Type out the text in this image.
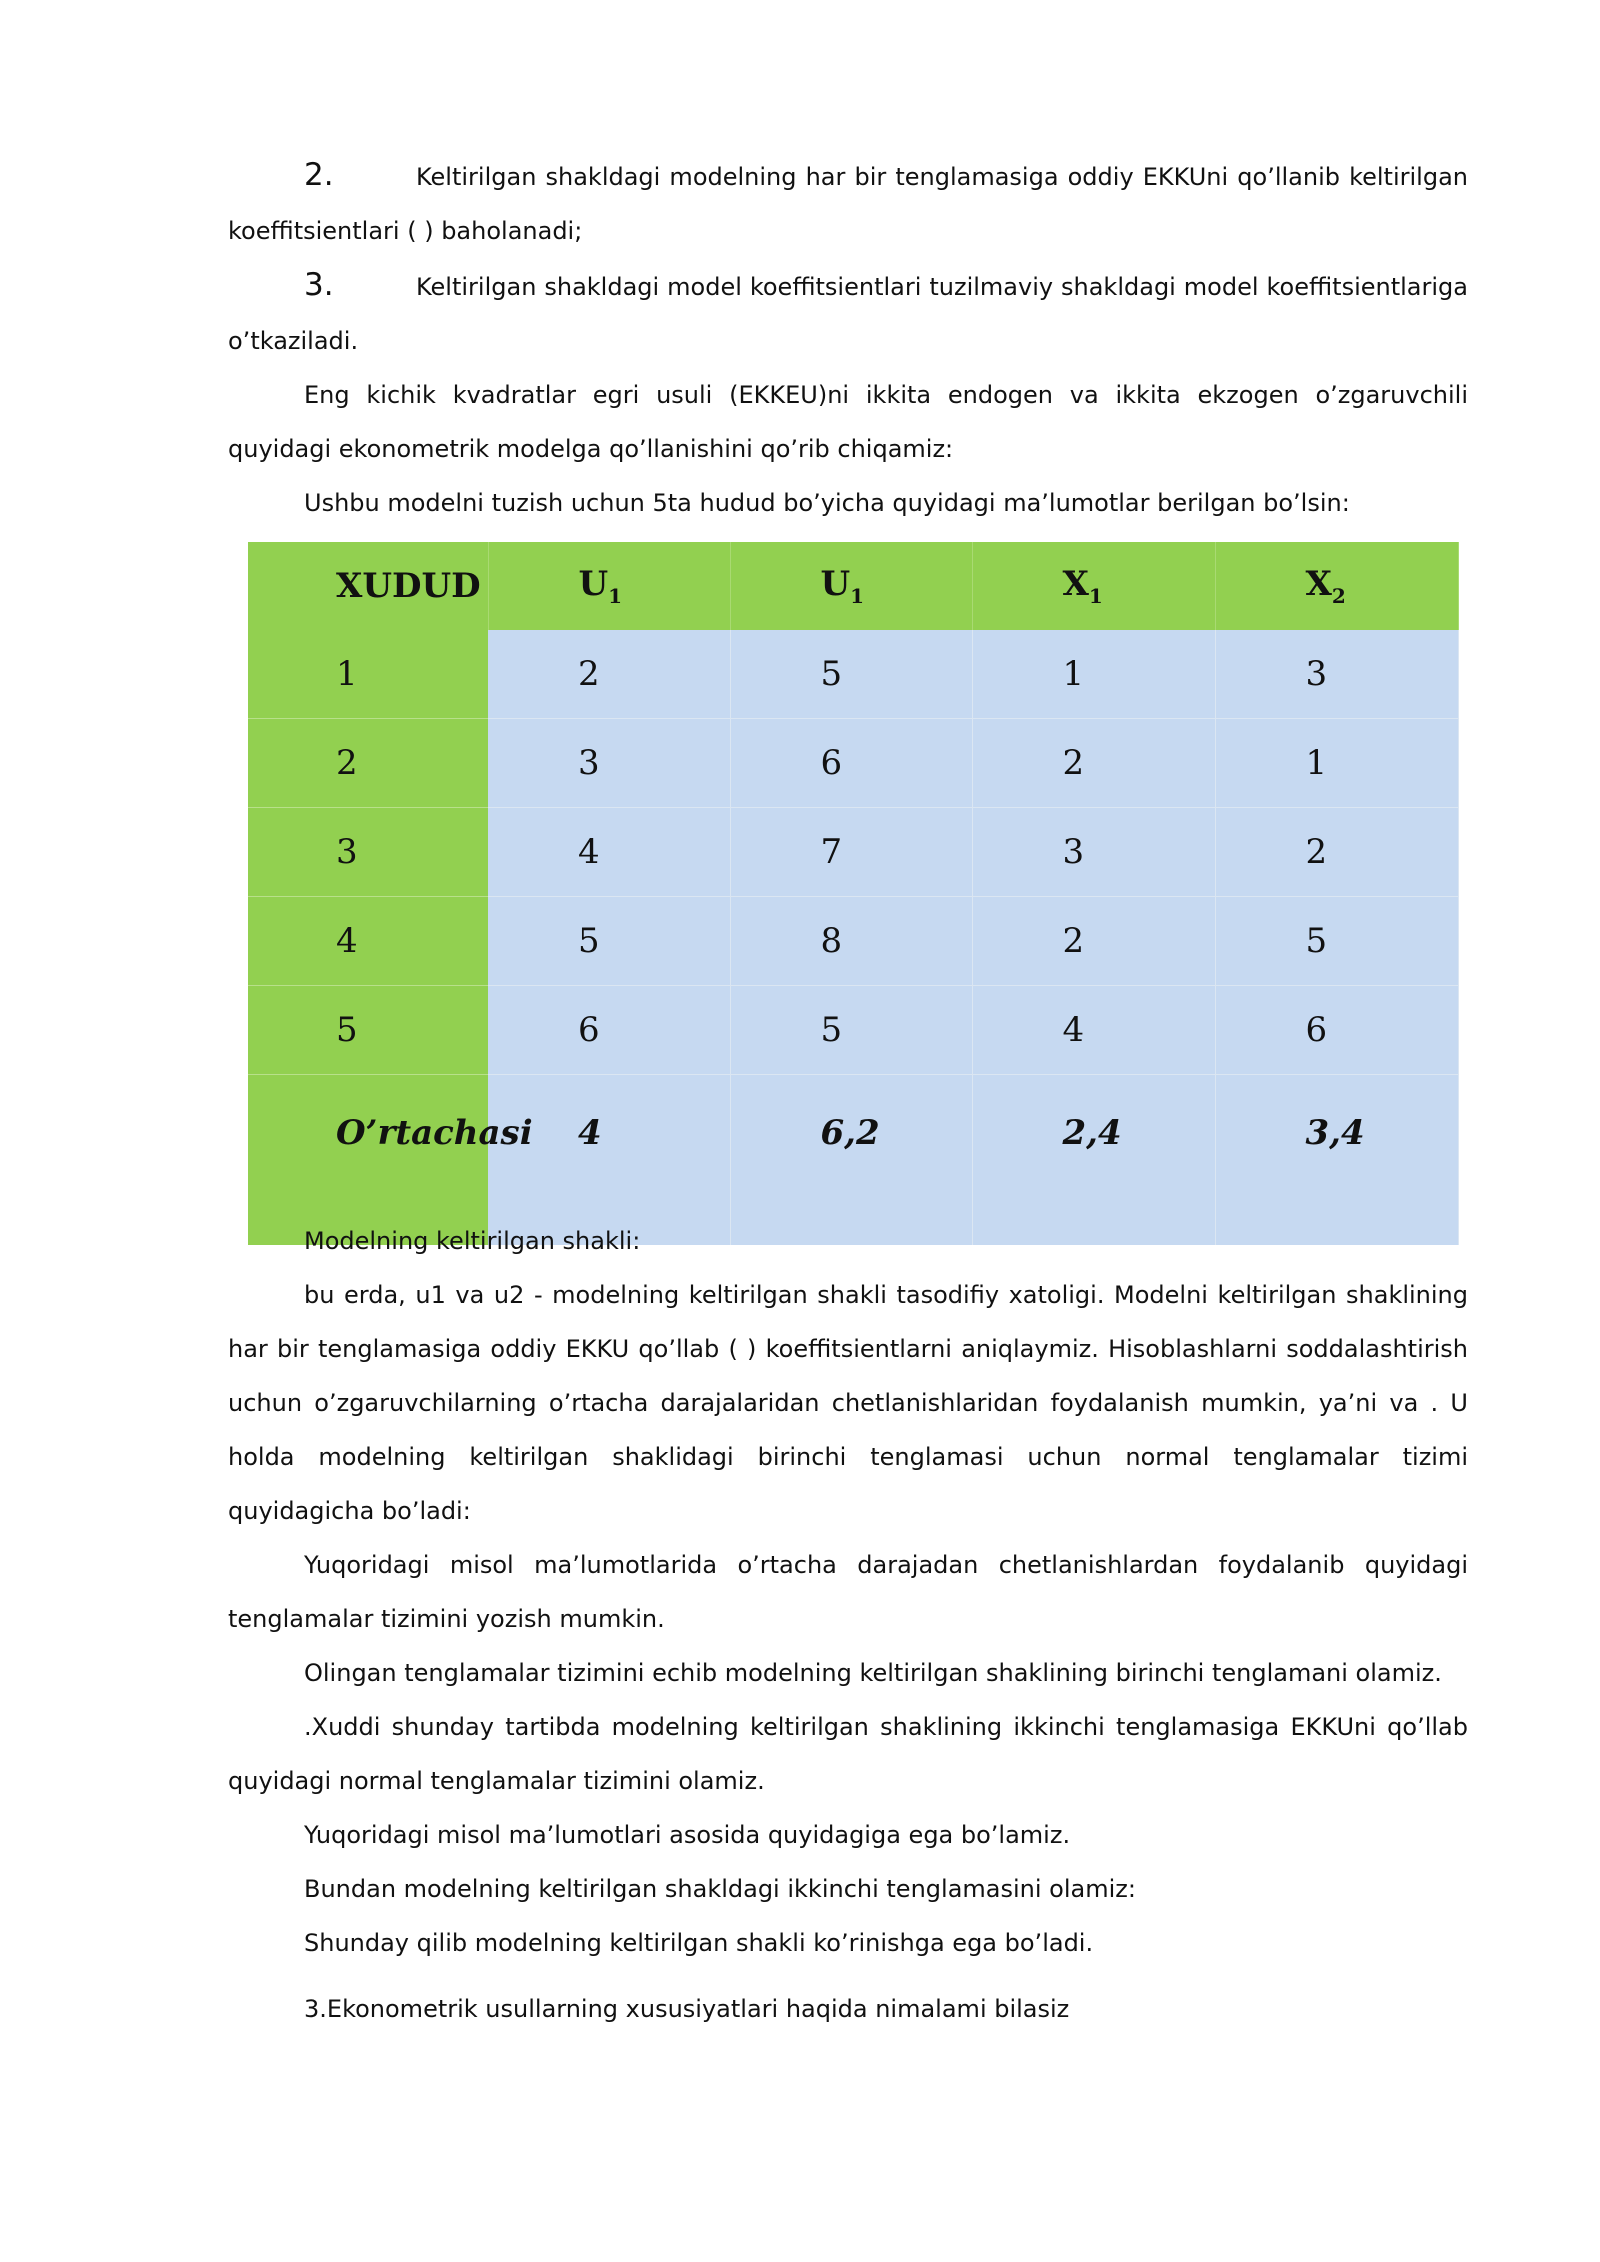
2.	Keltirilgan shakldagi modelning har bir tenglamasiga oddiy EKKUni qo’llanib keltirilgan koeffitsientlari ( ) baholanadi;

3.	Keltirilgan shakldagi model koeffitsientlari tuzilmaviy shakldagi model koeffitsientlariga o’tkaziladi.

Eng kichik kvadratlar egri usuli (EKKEU)ni ikkita endogen va ikkita ekzogen o’zgaruvchili quyidagi ekonometrik modelga qo’llanishini qo’rib chiqamiz:

Ushbu modelni tuzish uchun 5ta hudud bo’yicha quyidagi ma’lumotlar berilgan bo’lsin:

XUDUD	$U_1$	$U_1$	$X_1$	$X_2$
1	2	5	1	3
2	3	6	2	1
3	4	7	3	2
4	5	8	2	5
5	6	5	4	6

O’rtachasi	4	6,2	2,4	3,4

Modelning keltirilgan shakli:

bu erda, u1 va u2 - modelning keltirilgan shakli tasodifiy xatoligi. Modelni keltirilgan shaklining har bir tenglamasiga oddiy EKKU qo’llab ( ) koeffitsientlarni aniqlaymiz. Hisoblashlarni soddalashtirish uchun o’zgaruvchilarning o’rtacha darajalaridan chetlanishlaridan foydalanish mumkin, ya’ni va . U holda modelning keltirilgan shaklidagi birinchi tenglamasi uchun normal tenglamalar tizimi quyidagicha bo’ladi:

Yuqoridagi misol ma’lumotlarida o’rtacha darajadan chetlanishlardan foydalanib quyidagi tenglamalar tizimini yozish mumkin.

Olingan tenglamalar tizimini echib modelning keltirilgan shaklining birinchi tenglamani olamiz.

.Xuddi shunday tartibda modelning keltirilgan shaklining ikkinchi tenglamasiga EKKUni qo’llab quyidagi normal tenglamalar tizimini olamiz.

Yuqoridagi misol ma’lumotlari asosida quyidagiga ega bo’lamiz.

Bundan modelning keltirilgan shakldagi ikkinchi tenglamasini olamiz:

Shunday qilib modelning keltirilgan shakli ko’rinishga ega bo’ladi.

3.Ekonometrik usullarning xususiyatlari haqida nimalami bilasiz
